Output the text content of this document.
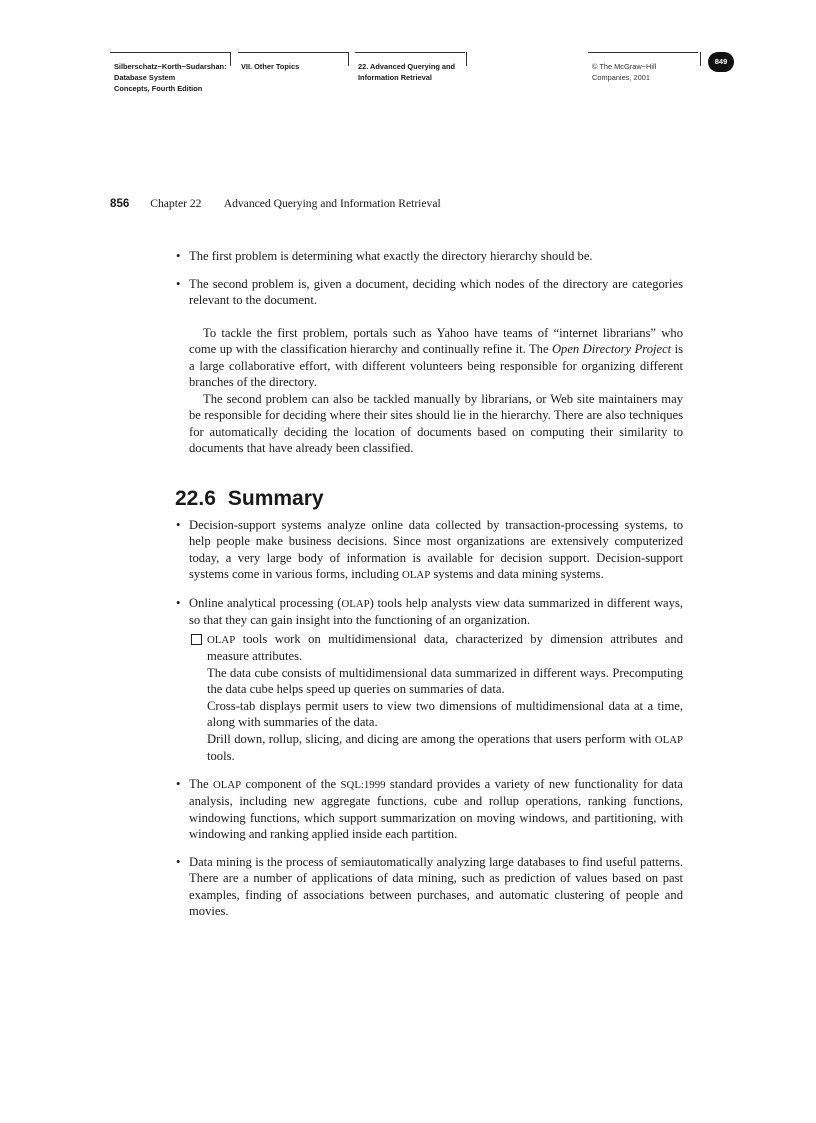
Silberschatz−Korth−Sudarshan:
Database System
Concepts, Fourth Edition
VII. Other Topics	22. Advanced Querying and
Information Retrieval
© The McGraw−Hill
Companies, 2001
849
856 Chapter 22 Advanced Querying and Information Retrieval
• The first problem is determining what exactly the directory hierarchy should be.
• The second problem is, given a document, deciding which nodes of the directory are categories relevant to the document.

To tackle the first problem, portals such as Yahoo have teams of “internet librarians” who come up with the classification hierarchy and continually refine it. The Open Directory Project is a large collaborative effort, with different volunteers being responsible for organizing different branches of the directory.

The second problem can also be tackled manually by librarians, or Web site maintainers may be responsible for deciding where their sites should lie in the hierarchy. There are also techniques for automatically deciding the location of documents based on computing their similarity to documents that have already been classified.

22.6 Summary
• Decision-support systems analyze online data collected by transaction-processing systems, to help people make business decisions. Since most organizations are extensively computerized today, a very large body of information is available for decision support. Decision-support systems come in various forms, including OLAP systems and data mining systems.
• Online analytical processing (OLAP) tools help analysts view data summarized in different ways, so that they can gain insight into the functioning of an organization.
OLAP tools work on multidimensional data, characterized by dimension attributes and measure attributes.
The data cube consists of multidimensional data summarized in different ways. Precomputing the data cube helps speed up queries on summaries of data.
Cross-tab displays permit users to view two dimensions of multidimensional data at a time, along with summaries of the data.
Drill down, rollup, slicing, and dicing are among the operations that users perform with OLAP tools.
• The OLAP component of the SQL:1999 standard provides a variety of new functionality for data analysis, including new aggregate functions, cube and rollup operations, ranking functions, windowing functions, which support summarization on moving windows, and partitioning, with windowing and ranking applied inside each partition.
• Data mining is the process of semiautomatically analyzing large databases to find useful patterns. There are a number of applications of data mining, such as prediction of values based on past examples, finding of associations between purchases, and automatic clustering of people and movies.
